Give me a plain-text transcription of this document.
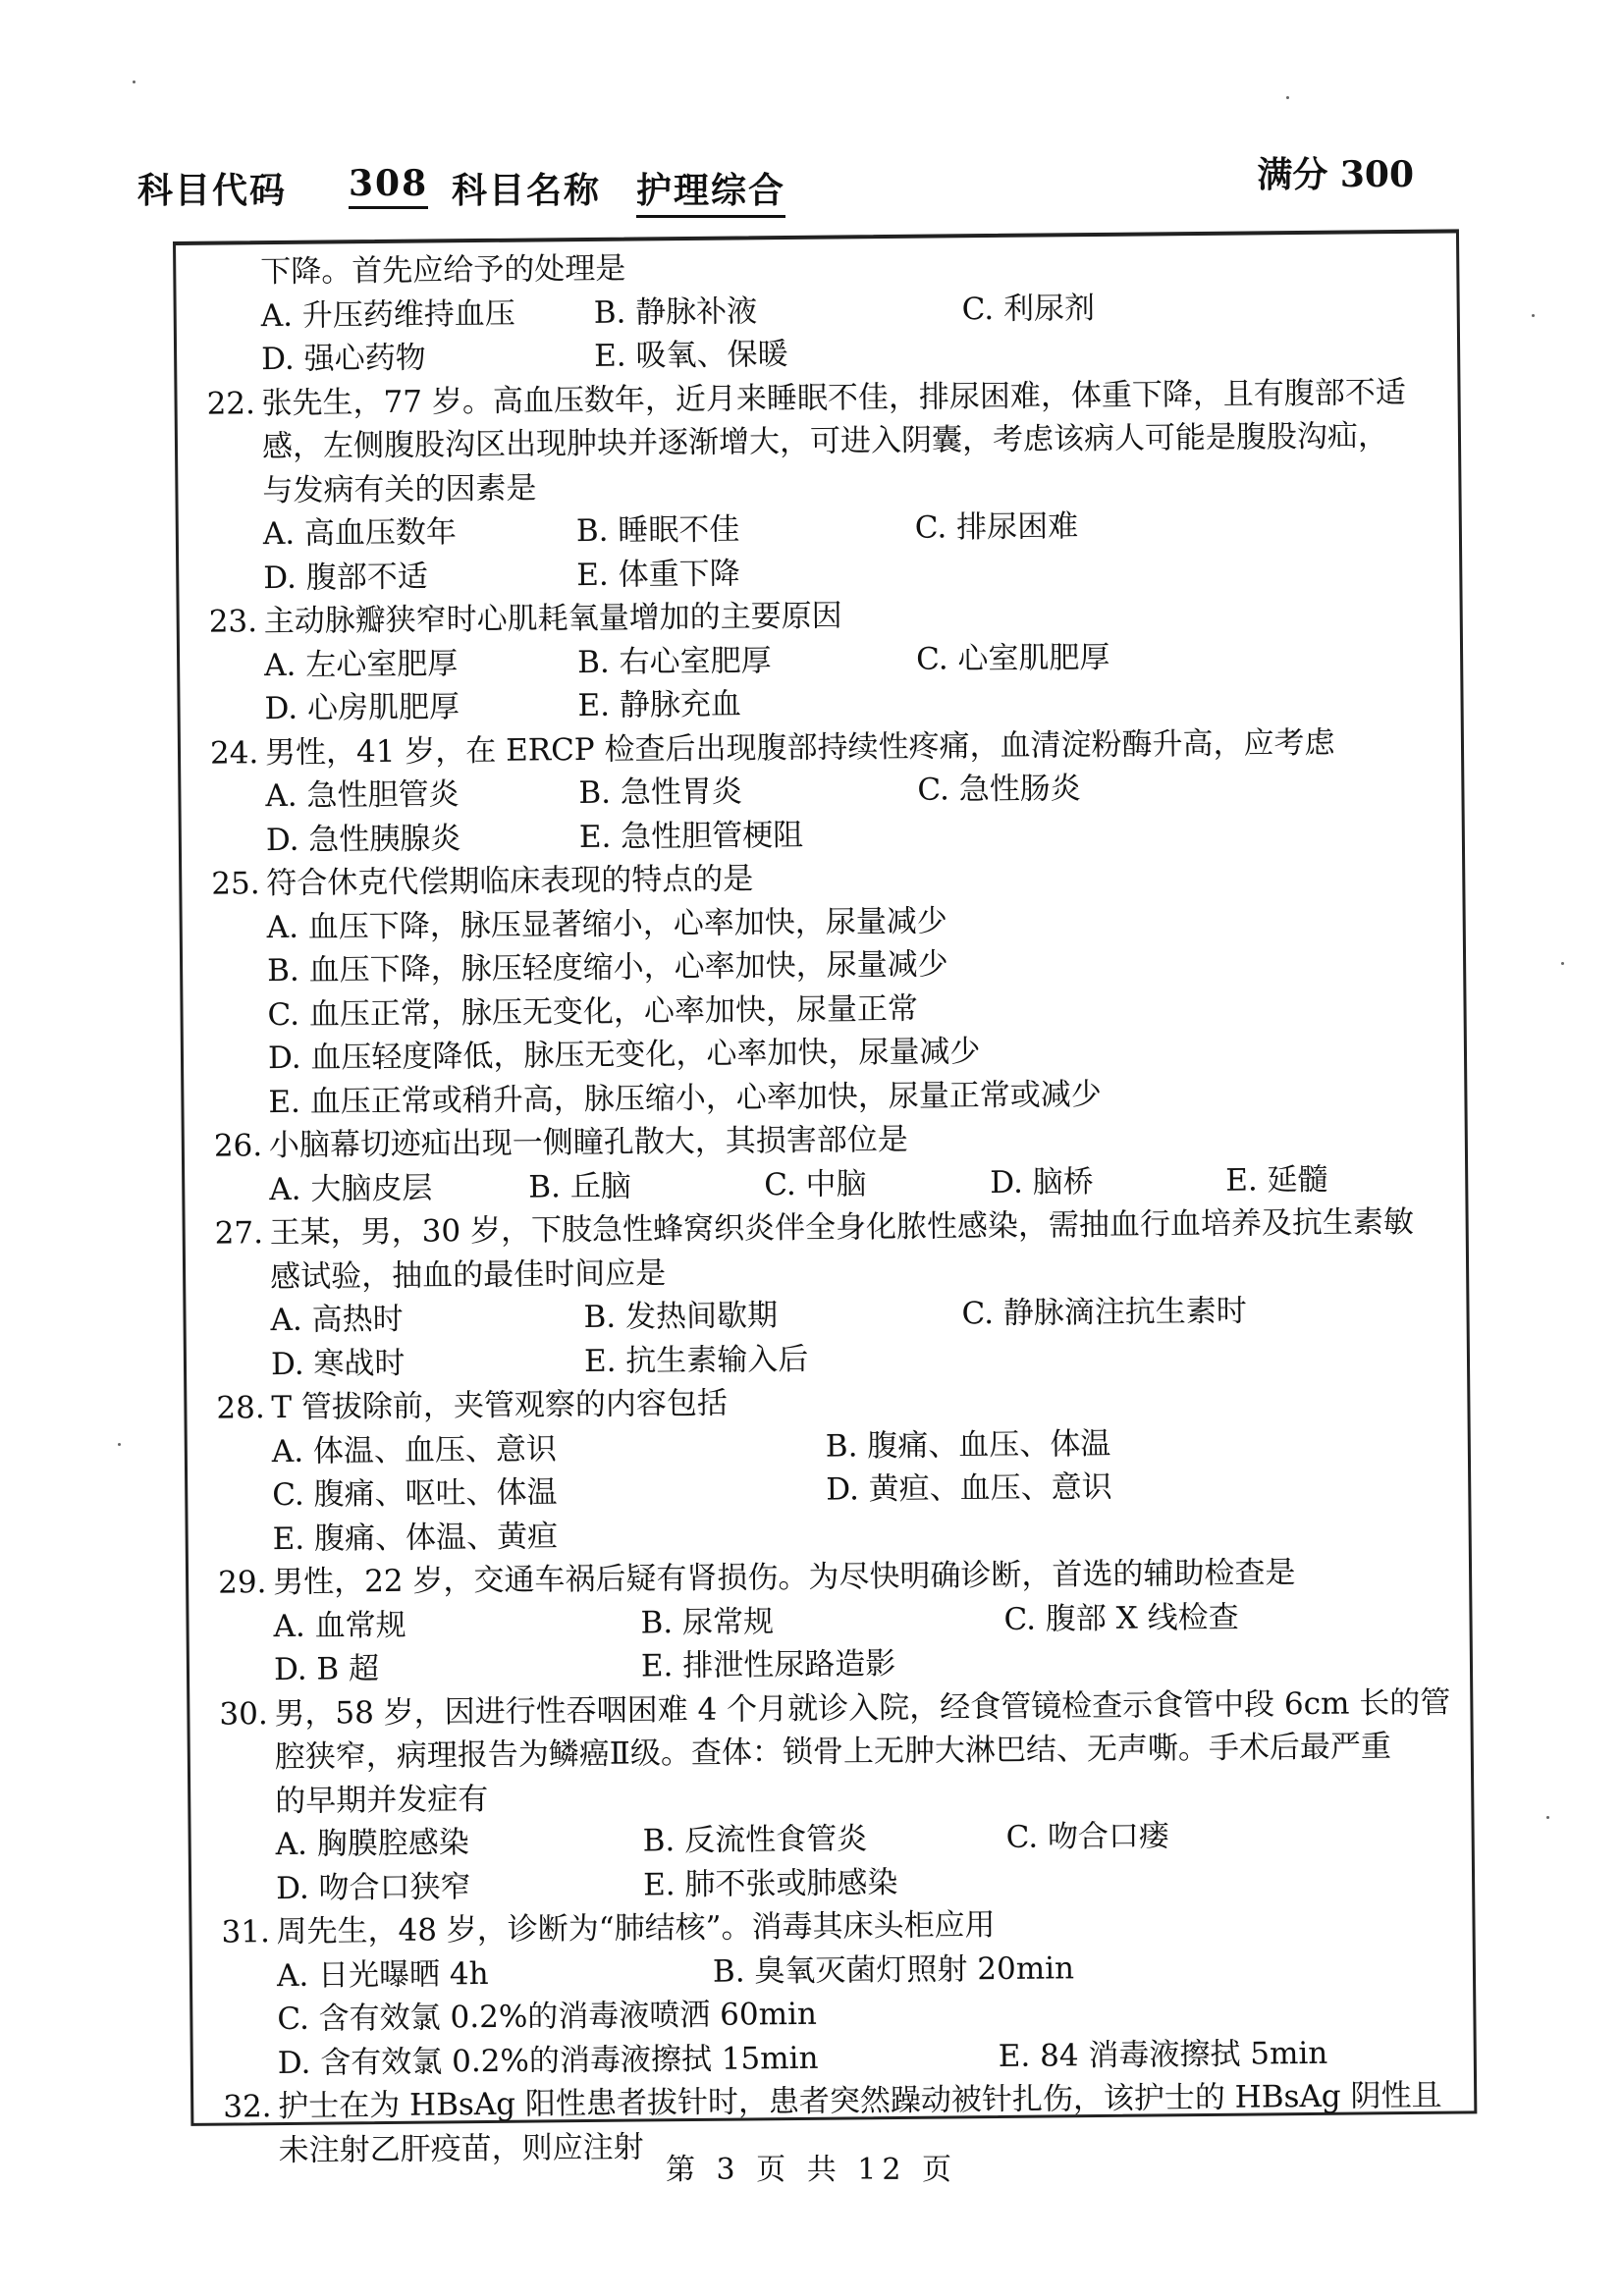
科目代码 308 科目名称 护理综合	满分 300
下降。首先应给予的处理是
A. 升压药维持血压	B. 静脉补液	C. 利尿剂
D. 强心药物	E. 吸氧、保暖
22. 张先生，77 岁。高血压数年，近月来睡眠不佳，排尿困难，体重下降，且有腹部不适
感，左侧腹股沟区出现肿块并逐渐增大，可进入阴囊，考虑该病人可能是腹股沟疝，
与发病有关的因素是
A. 高血压数年	B. 睡眠不佳	C. 排尿困难
D. 腹部不适	E. 体重下降
23. 主动脉瓣狭窄时心肌耗氧量增加的主要原因
A. 左心室肥厚	B. 右心室肥厚	C. 心室肌肥厚
D. 心房肌肥厚	E. 静脉充血
24. 男性，41 岁，在 ERCP 检查后出现腹部持续性疼痛，血清淀粉酶升高，应考虑
A. 急性胆管炎	B. 急性胃炎	C. 急性肠炎
D. 急性胰腺炎	E. 急性胆管梗阻
25. 符合休克代偿期临床表现的特点的是
A. 血压下降，脉压显著缩小，心率加快，尿量减少
B. 血压下降，脉压轻度缩小，心率加快，尿量减少
C. 血压正常，脉压无变化，心率加快，尿量正常
D. 血压轻度降低，脉压无变化，心率加快，尿量减少
E. 血压正常或稍升高，脉压缩小，心率加快，尿量正常或减少
26. 小脑幕切迹疝出现一侧瞳孔散大，其损害部位是
A. 大脑皮层	B. 丘脑	C. 中脑	D. 脑桥	E. 延髓
27. 王某，男，30 岁，下肢急性蜂窝织炎伴全身化脓性感染，需抽血行血培养及抗生素敏
感试验，抽血的最佳时间应是
A. 高热时	B. 发热间歇期	C. 静脉滴注抗生素时
D. 寒战时	E. 抗生素输入后
28. T 管拔除前，夹管观察的内容包括
A. 体温、血压、意识	B. 腹痛、血压、体温
C. 腹痛、呕吐、体温	D. 黄疸、血压、意识
E. 腹痛、体温、黄疸
29. 男性，22 岁，交通车祸后疑有肾损伤。为尽快明确诊断，首选的辅助检查是
A. 血常规	B. 尿常规	C. 腹部 X 线检查
D. B 超	E. 排泄性尿路造影
30. 男，58 岁，因进行性吞咽困难 4 个月就诊入院，经食管镜检查示食管中段 6cm 长的管
腔狭窄，病理报告为鳞癌Ⅱ级。查体：锁骨上无肿大淋巴结、无声嘶。手术后最严重
的早期并发症有
A. 胸膜腔感染	B. 反流性食管炎	C. 吻合口瘘
D. 吻合口狭窄	E. 肺不张或肺感染
31. 周先生，48 岁，诊断为“肺结核”。消毒其床头柜应用
A. 日光曝晒 4h	B. 臭氧灭菌灯照射 20min
C. 含有效氯 0.2%的消毒液喷洒 60min
D. 含有效氯 0.2%的消毒液擦拭 15min	E. 84 消毒液擦拭 5min
32. 护士在为 HBsAg 阳性患者拔针时，患者突然躁动被针扎伤，该护士的 HBsAg 阴性且
未注射乙肝疫苗，则应注射
第 3 页 共 12 页
